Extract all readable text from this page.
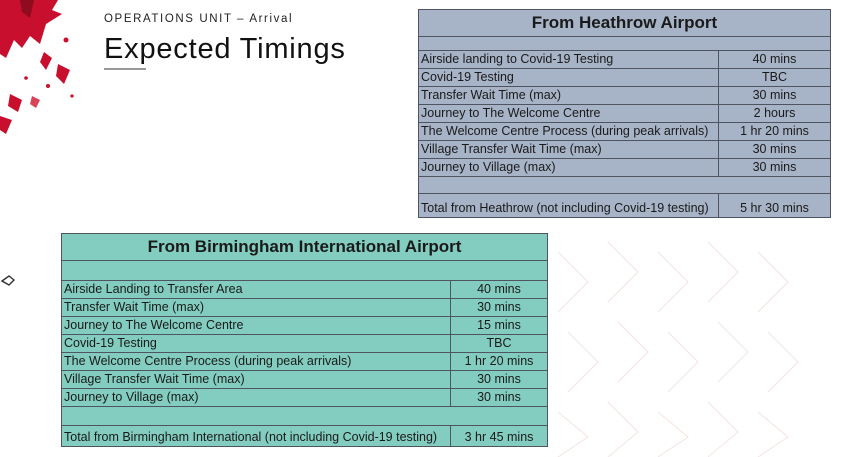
OPERATIONS UNIT – Arrival
Expected Timings
From Heathrow Airport	

Airside landing to Covid-19 Testing	40 mins
Covid-19 Testing	TBC
Transfer Wait Time (max)	30 mins
Journey to The Welcome Centre	2 hours
The Welcome Centre Process (during peak arrivals)	1 hr 20 mins
Village Transfer Wait Time (max)	30 mins
Journey to Village (max)	30 mins

Total from Heathrow (not including Covid-19 testing)	5 hr 30 mins
From Birmingham International Airport	

Airside Landing to Transfer Area	40 mins
Transfer Wait Time (max)	30 mins
Journey to The Welcome Centre	15 mins
Covid-19 Testing	TBC
The Welcome Centre Process (during peak arrivals)	1 hr 20 mins
Village Transfer Wait Time (max)	30 mins
Journey to Village (max)	30 mins

Total from Birmingham International (not including Covid-19 testing)	3 hr 45 mins
